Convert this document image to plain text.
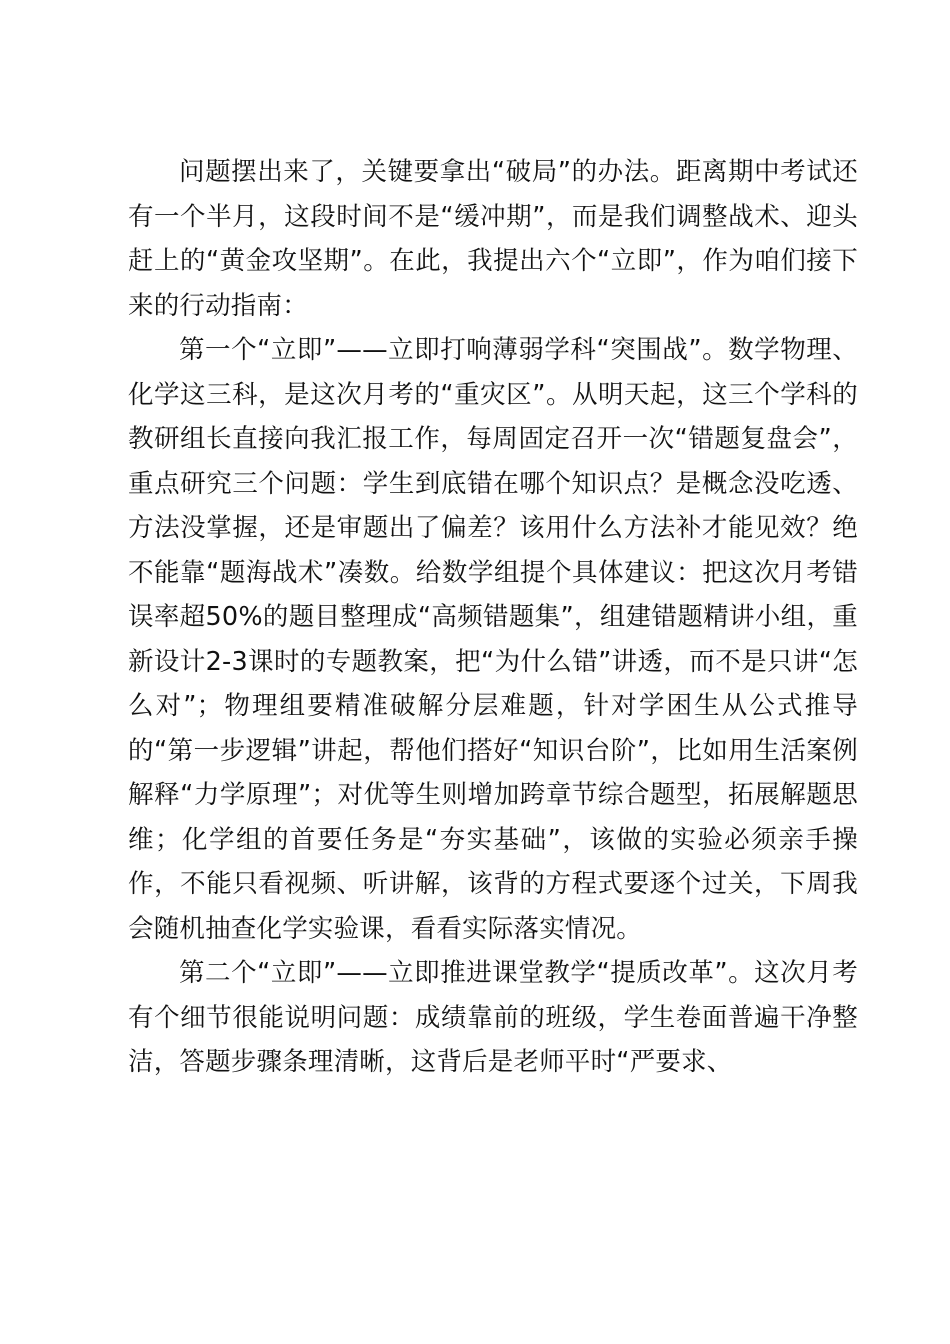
问题摆出来了，关键要拿出“破局”的办法。距离期中考试还有一个半月，这段时间不是“缓冲期”，而是我们调整战术、迎头赶上的“黄金攻坚期”。在此，我提出六个“立即”，作为咱们接下来的行动指南：

第一个“立即”——立即打响薄弱学科“突围战”。数学物理、化学这三科，是这次月考的“重灾区”。从明天起，这三个学科的教研组长直接向我汇报工作，每周固定召开一次“错题复盘会”，重点研究三个问题：学生到底错在哪个知识点？是概念没吃透、方法没掌握，还是审题出了偏差？该用什么方法补才能见效？绝不能靠“题海战术”凑数。给数学组提个具体建议：把这次月考错误率超50%的题目整理成“高频错题集”，组建错题精讲小组，重新设计2-3课时的专题教案，把“为什么错”讲透，而不是只讲“怎么对”；物理组要精准破解分层难题，针对学困生从公式推导的“第一步逻辑”讲起，帮他们搭好“知识台阶”，比如用生活案例解释“力学原理”；对优等生则增加跨章节综合题型，拓展解题思维；化学组的首要任务是“夯实基础”，该做的实验必须亲手操作，不能只看视频、听讲解，该背的方程式要逐个过关，下周我会随机抽查化学实验课，看看实际落实情况。

第二个“立即”——立即推进课堂教学“提质改革”。这次月考有个细节很能说明问题：成绩靠前的班级，学生卷面普遍干净整洁，答题步骤条理清晰，这背后是老师平时“严要求、
